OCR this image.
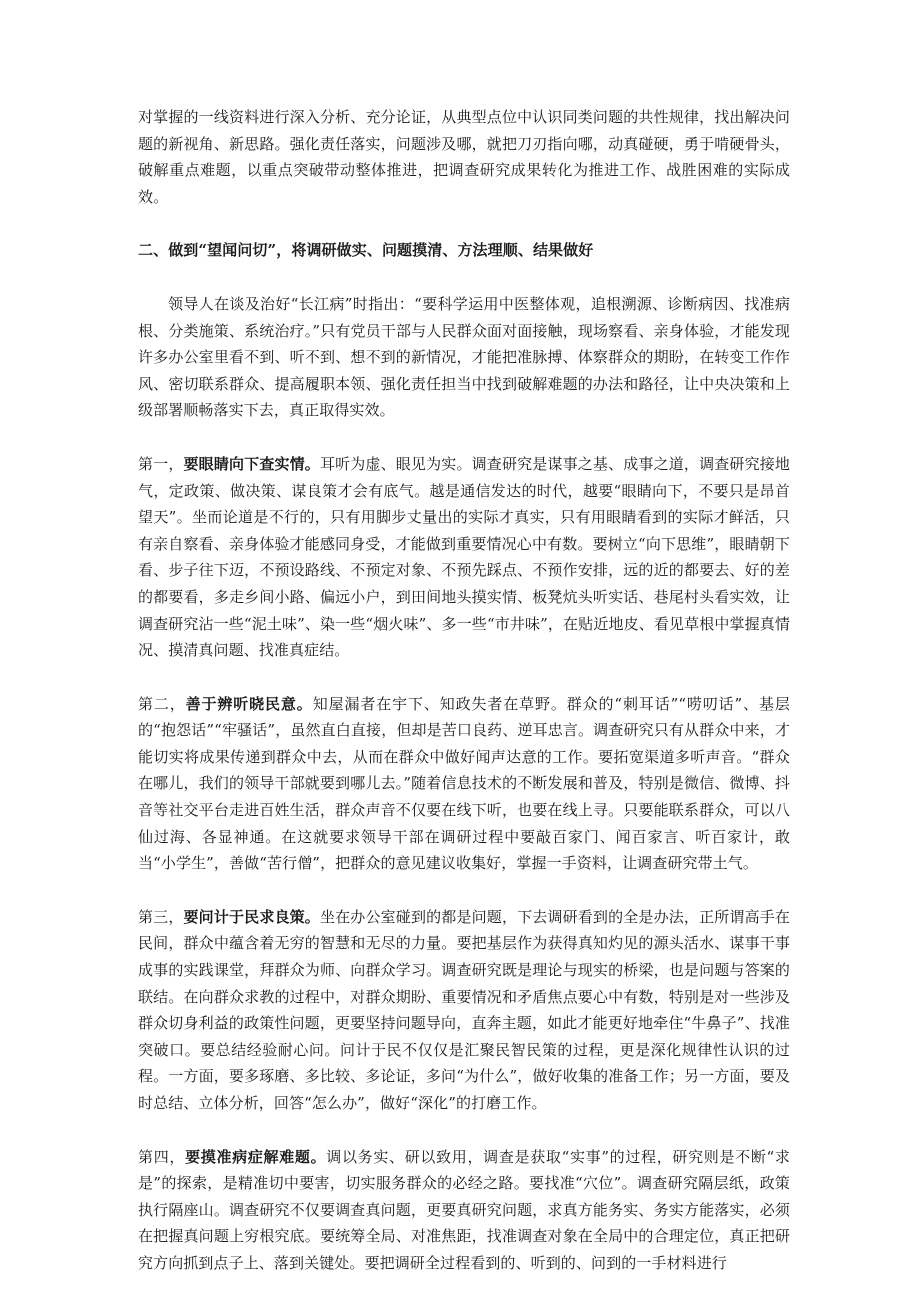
对掌握的一线资料进行深入分析、充分论证，从典型点位中认识同类问题的共性规律，找出解决问题的新视角、新思路。强化责任落实，问题涉及哪，就把刀刃指向哪，动真碰硬，勇于啃硬骨头，破解重点难题，以重点突破带动整体推进，把调查研究成果转化为推进工作、战胜困难的实际成效。

二、做到“望闻问切”，将调研做实、问题摸清、方法理顺、结果做好

领导人在谈及治好“长江病”时指出：“要科学运用中医整体观，追根溯源、诊断病因、找准病根、分类施策、系统治疗。”只有党员干部与人民群众面对面接触，现场察看、亲身体验，才能发现许多办公室里看不到、听不到、想不到的新情况，才能把准脉搏、体察群众的期盼，在转变工作作风、密切联系群众、提高履职本领、强化责任担当中找到破解难题的办法和路径，让中央决策和上级部署顺畅落实下去，真正取得实效。

第一，要眼睛向下查实情。耳听为虚、眼见为实。调查研究是谋事之基、成事之道，调查研究接地气，定政策、做决策、谋良策才会有底气。越是通信发达的时代，越要“眼睛向下，不要只是昂首望天”。坐而论道是不行的，只有用脚步丈量出的实际才真实，只有用眼睛看到的实际才鲜活，只有亲自察看、亲身体验才能感同身受，才能做到重要情况心中有数。要树立“向下思维”，眼睛朝下看、步子往下迈，不预设路线、不预定对象、不预先踩点、不预作安排，远的近的都要去、好的差的都要看，多走乡间小路、偏远小户，到田间地头摸实情、板凳炕头听实话、巷尾村头看实效，让调查研究沾一些“泥土味”、染一些“烟火味”、多一些“市井味”，在贴近地皮、看见草根中掌握真情况、摸清真问题、找准真症结。

第二，善于辨听晓民意。知屋漏者在宇下、知政失者在草野。群众的“刺耳话”“唠叨话”、基层的“抱怨话”“牢骚话”，虽然直白直接，但却是苦口良药、逆耳忠言。调查研究只有从群众中来，才能切实将成果传递到群众中去，从而在群众中做好闻声达意的工作。要拓宽渠道多听声音。“群众在哪儿，我们的领导干部就要到哪儿去。”随着信息技术的不断发展和普及，特别是微信、微博、抖音等社交平台走进百姓生活，群众声音不仅要在线下听，也要在线上寻。只要能联系群众，可以八仙过海、各显神通。在这就要求领导干部在调研过程中要敲百家门、闻百家言、听百家计，敢当“小学生”，善做“苦行僧”，把群众的意见建议收集好，掌握一手资料，让调查研究带土气。

第三，要问计于民求良策。坐在办公室碰到的都是问题，下去调研看到的全是办法，正所谓高手在民间，群众中蕴含着无穷的智慧和无尽的力量。要把基层作为获得真知灼见的源头活水、谋事干事成事的实践课堂，拜群众为师、向群众学习。调查研究既是理论与现实的桥梁，也是问题与答案的联结。在向群众求教的过程中，对群众期盼、重要情况和矛盾焦点要心中有数，特别是对一些涉及群众切身利益的政策性问题，更要坚持问题导向，直奔主题，如此才能更好地牵住“牛鼻子”、找准突破口。要总结经验耐心问。问计于民不仅仅是汇聚民智民策的过程，更是深化规律性认识的过程。一方面，要多琢磨、多比较、多论证，多问“为什么”，做好收集的准备工作；另一方面，要及时总结、立体分析，回答“怎么办”，做好“深化”的打磨工作。

第四，要摸准病症解难题。调以务实、研以致用，调查是获取“实事”的过程，研究则是不断“求是”的探索，是精准切中要害，切实服务群众的必经之路。要找准“穴位”。调查研究隔层纸，政策执行隔座山。调查研究不仅要调查真问题，更要真研究问题，求真方能务实、务实方能落实，必须在把握真问题上穷根究底。要统筹全局、对准焦距，找准调查对象在全局中的合理定位，真正把研究方向抓到点子上、落到关键处。要把调研全过程看到的、听到的、问到的一手材料进行
